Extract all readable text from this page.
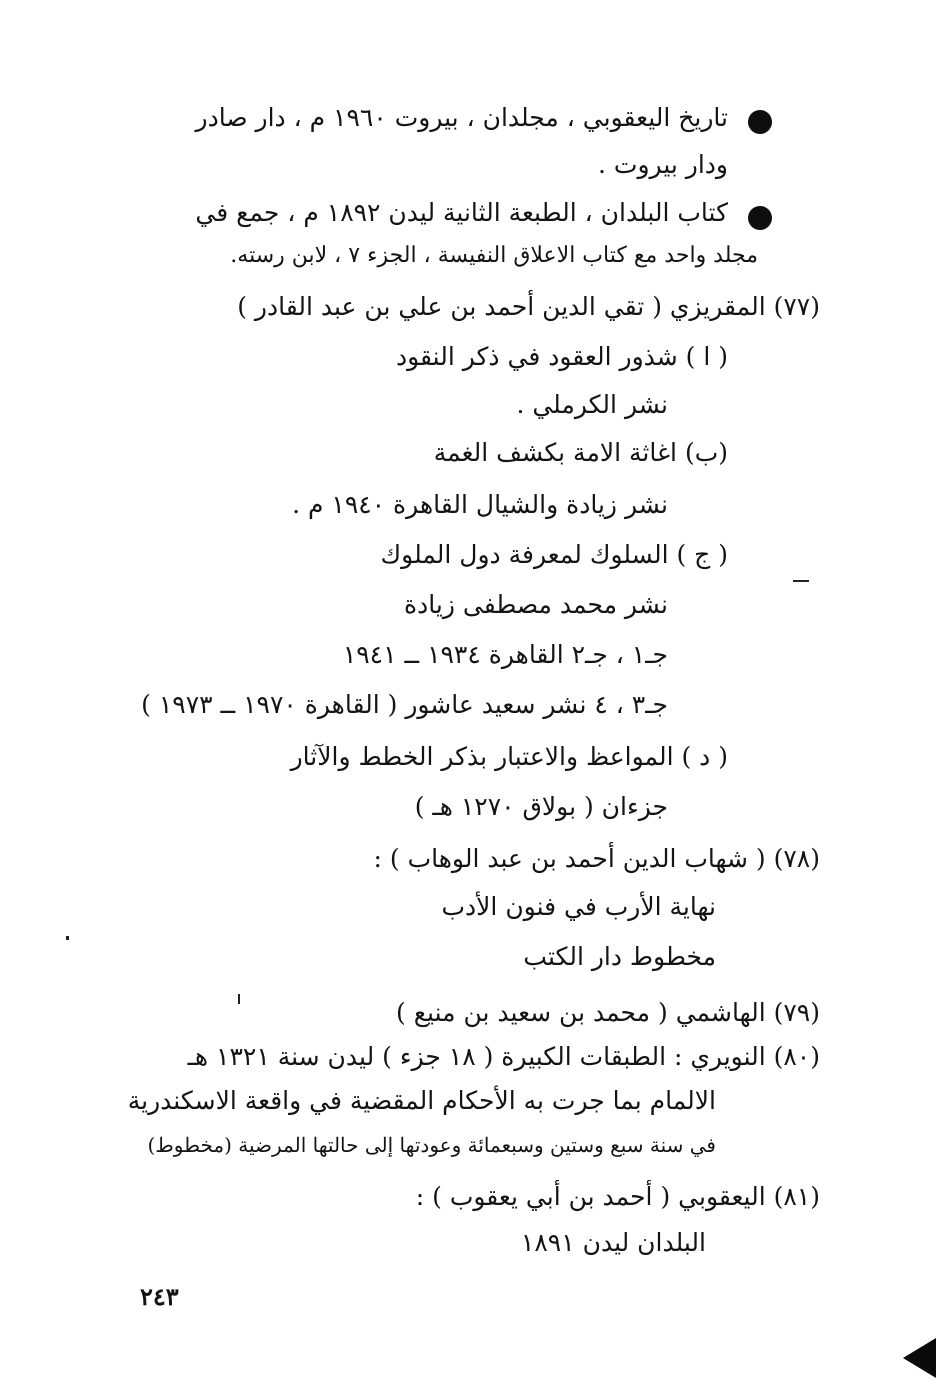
تاريخ اليعقوبي ، مجلدان ، بيروت ١٩٦٠ م ، دار صادر
ودار بيروت .
كتاب البلدان ، الطبعة الثانية ليدن ١٨٩٢ م ، جمع في
مجلد واحد مع كتاب الاعلاق النفيسة ، الجزء ٧ ، لابن رسته.
(٧٧) المقريزي ( تقي الدين أحمد بن علي بن عبد القادر )
( ا ) شذور العقود في ذكر النقود
نشر الكرملي .
(ب) اغاثة الامة بكشف الغمة
نشر زيادة والشيال القاهرة ١٩٤٠ م .
( ج ) السلوك لمعرفة دول الملوك
نشر محمد مصطفى زيادة
جـ١ ، جـ٢ القاهرة ١٩٣٤ ــ ١٩٤١
جـ٣ ، ٤ نشر سعيد عاشور ( القاهرة ١٩٧٠ ــ ١٩٧٣ )
( د ) المواعظ والاعتبار بذكر الخطط والآثار
جزءان ( بولاق ١٢٧٠ هـ )
(٧٨) ( شهاب الدين أحمد بن عبد الوهاب ) :
نهاية الأرب في فنون الأدب
مخطوط دار الكتب
(٧٩) الهاشمي ( محمد بن سعيد بن منيع )
(٨٠) النويري : الطبقات الكبيرة ( ١٨ جزء ) ليدن سنة ١٣٢١ هـ
الالمام بما جرت به الأحكام المقضية في واقعة الاسكندرية
في سنة سبع وستين وسبعمائة وعودتها إلى حالتها المرضية (مخطوط)
(٨١) اليعقوبي ( أحمد بن أبي يعقوب ) :
البلدان ليدن ١٨٩١
٢٤٣
